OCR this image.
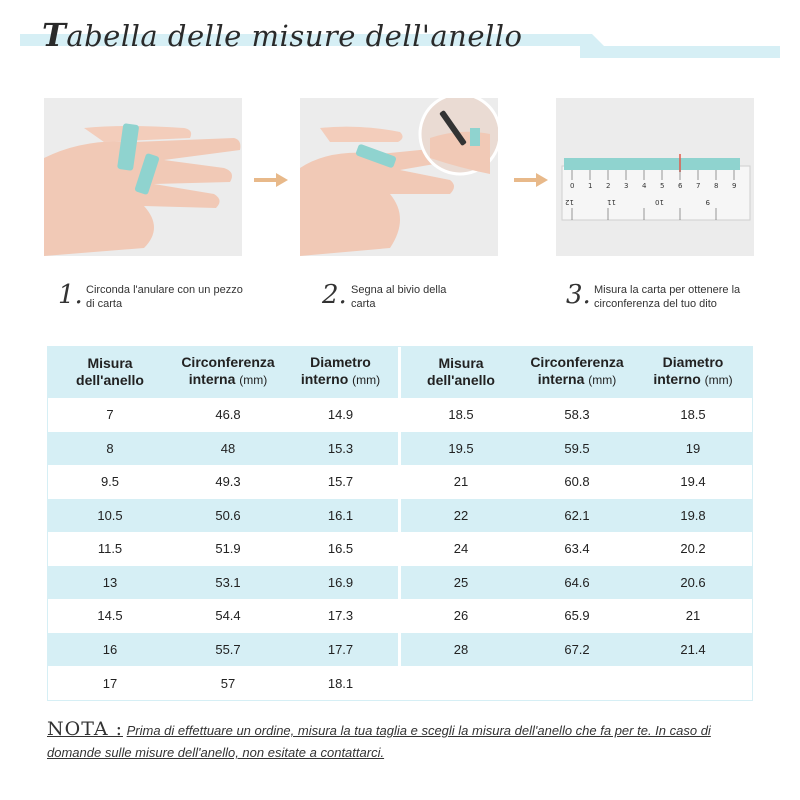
Tabella delle misure dell'anello
0 1 2 3 4 5 6 7 8 9
12	11	10	9
1. Circonda l'anulare con un pezzo di carta	2. Segna al bivio della carta	3. Misura la carta per ottenere la circonferenza del tuo dito
Misura
dell'anello	Circonferenza
interna (mm)	Diametro
interno (mm)
7	46.8	14.9
8	48	15.3
9.5	49.3	15.7
10.5	50.6	16.1
11.5	51.9	16.5
13	53.1	16.9
14.5	54.4	17.3
16	55.7	17.7
17	57	18.1
Misura
dell'anello	Circonferenza
interna (mm)	Diametro
interno (mm)
18.5	58.3	18.5
19.5	59.5	19
21	60.8	19.4
22	62.1	19.8
24	63.4	20.2
25	64.6	20.6
26	65.9	21
28	67.2	21.4

NOTA : Prima di effettuare un ordine, misura la tua taglia e scegli la misura dell'anello che fa per te. In caso di domande sulle misure dell'anello, non esitate a contattarci.
